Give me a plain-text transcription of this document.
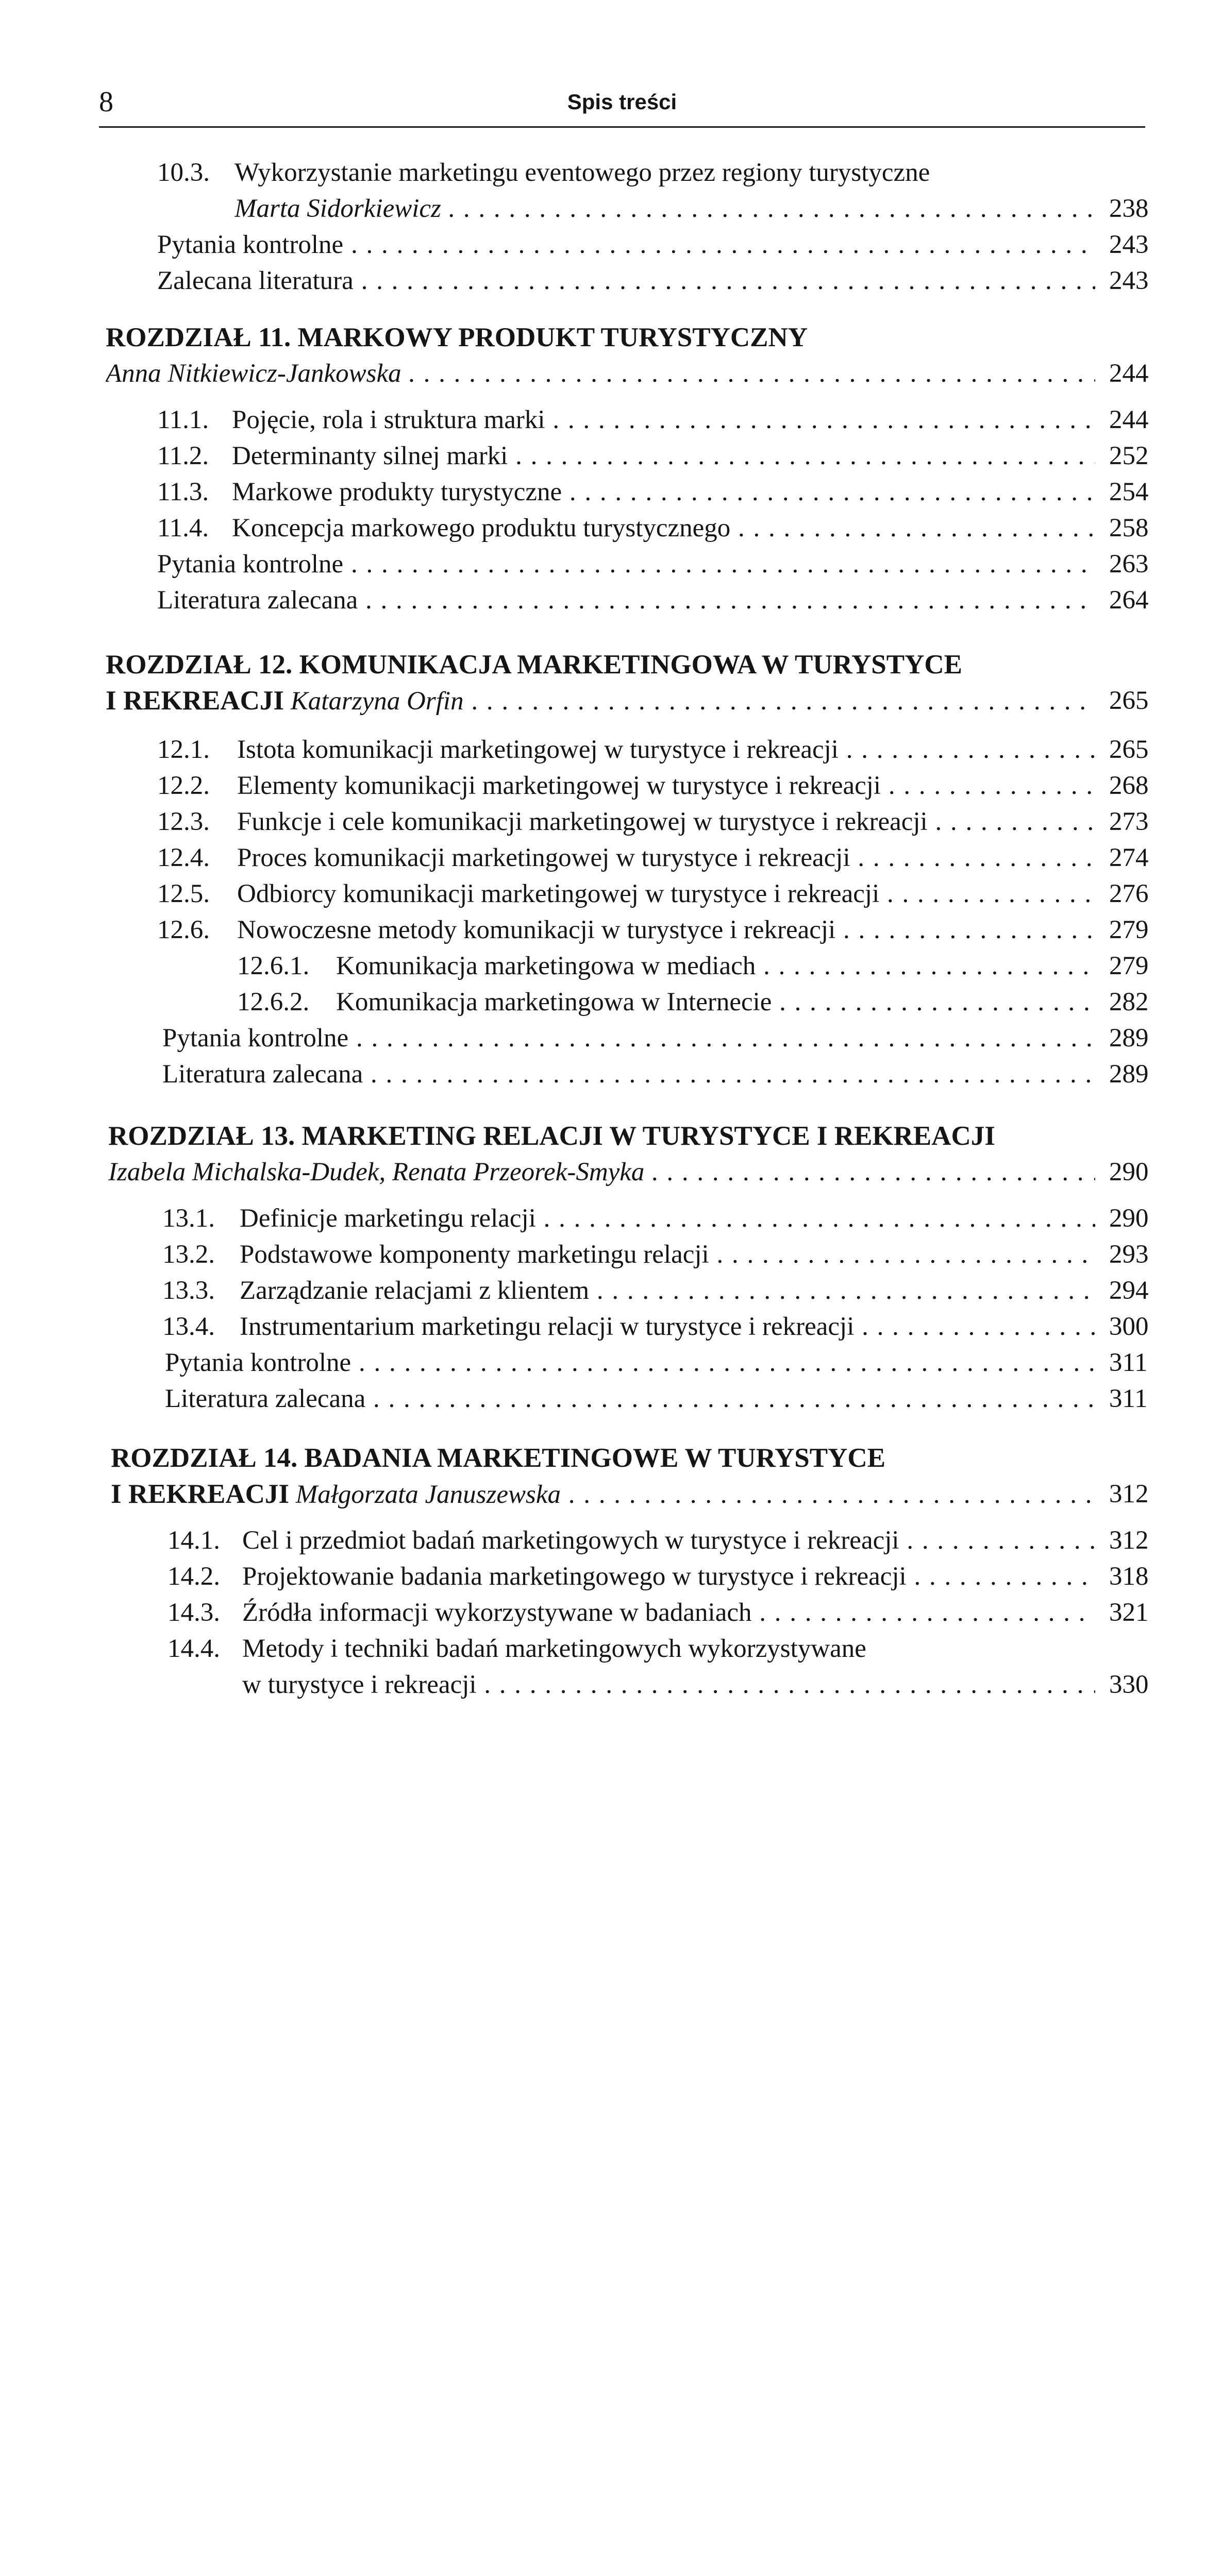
8	Spis treści
10.3. Wykorzystanie marketingu eventowego przez regiony turystyczne
Marta Sidorkiewicz . . .	238
Pytania kontrolne . . .	243
Zalecana literatura . . .	243
ROZDZIAŁ 11. MARKOWY PRODUKT TURYSTYCZNY
Anna Nitkiewicz-Jankowska . . .	244
11.1. Pojęcie, rola i struktura marki . . .	244
11.2. Determinanty silnej marki . . .	252
11.3. Markowe produkty turystyczne . . .	254
11.4. Koncepcja markowego produktu turystycznego . . .	258
Pytania kontrolne . . .	263
Literatura zalecana . . .	264
ROZDZIAŁ 12. KOMUNIKACJA MARKETINGOWA W TURYSTYCE
I REKREACJI Katarzyna Orfin . . .	265
12.1. Istota komunikacji marketingowej w turystyce i rekreacji . . .	265
12.2. Elementy komunikacji marketingowej w turystyce i rekreacji . . .	268
12.3. Funkcje i cele komunikacji marketingowej w turystyce i rekreacji . . .	273
12.4. Proces komunikacji marketingowej w turystyce i rekreacji . . .	274
12.5. Odbiorcy komunikacji marketingowej w turystyce i rekreacji . . .	276
12.6. Nowoczesne metody komunikacji w turystyce i rekreacji . . .	279
12.6.1. Komunikacja marketingowa w mediach . . .	279
12.6.2. Komunikacja marketingowa w Internecie . . .	282
Pytania kontrolne . . .	289
Literatura zalecana . . .	289
ROZDZIAŁ 13. MARKETING RELACJI W TURYSTYCE I REKREACJI
Izabela Michalska-Dudek, Renata Przeorek-Smyka . . .	290
13.1. Definicje marketingu relacji . . .	290
13.2. Podstawowe komponenty marketingu relacji . . .	293
13.3. Zarządzanie relacjami z klientem . . .	294
13.4. Instrumentarium marketingu relacji w turystyce i rekreacji . . .	300
Pytania kontrolne . . .	311
Literatura zalecana . . .	311
ROZDZIAŁ 14. BADANIA MARKETINGOWE W TURYSTYCE
I REKREACJI Małgorzata Januszewska . . .	312
14.1. Cel i przedmiot badań marketingowych w turystyce i rekreacji . . .	312
14.2. Projektowanie badania marketingowego w turystyce i rekreacji . . .	318
14.3. Źródła informacji wykorzystywane w badaniach . . .	321
14.4. Metody i techniki badań marketingowych wykorzystywane
w turystyce i rekreacji . . .	330
